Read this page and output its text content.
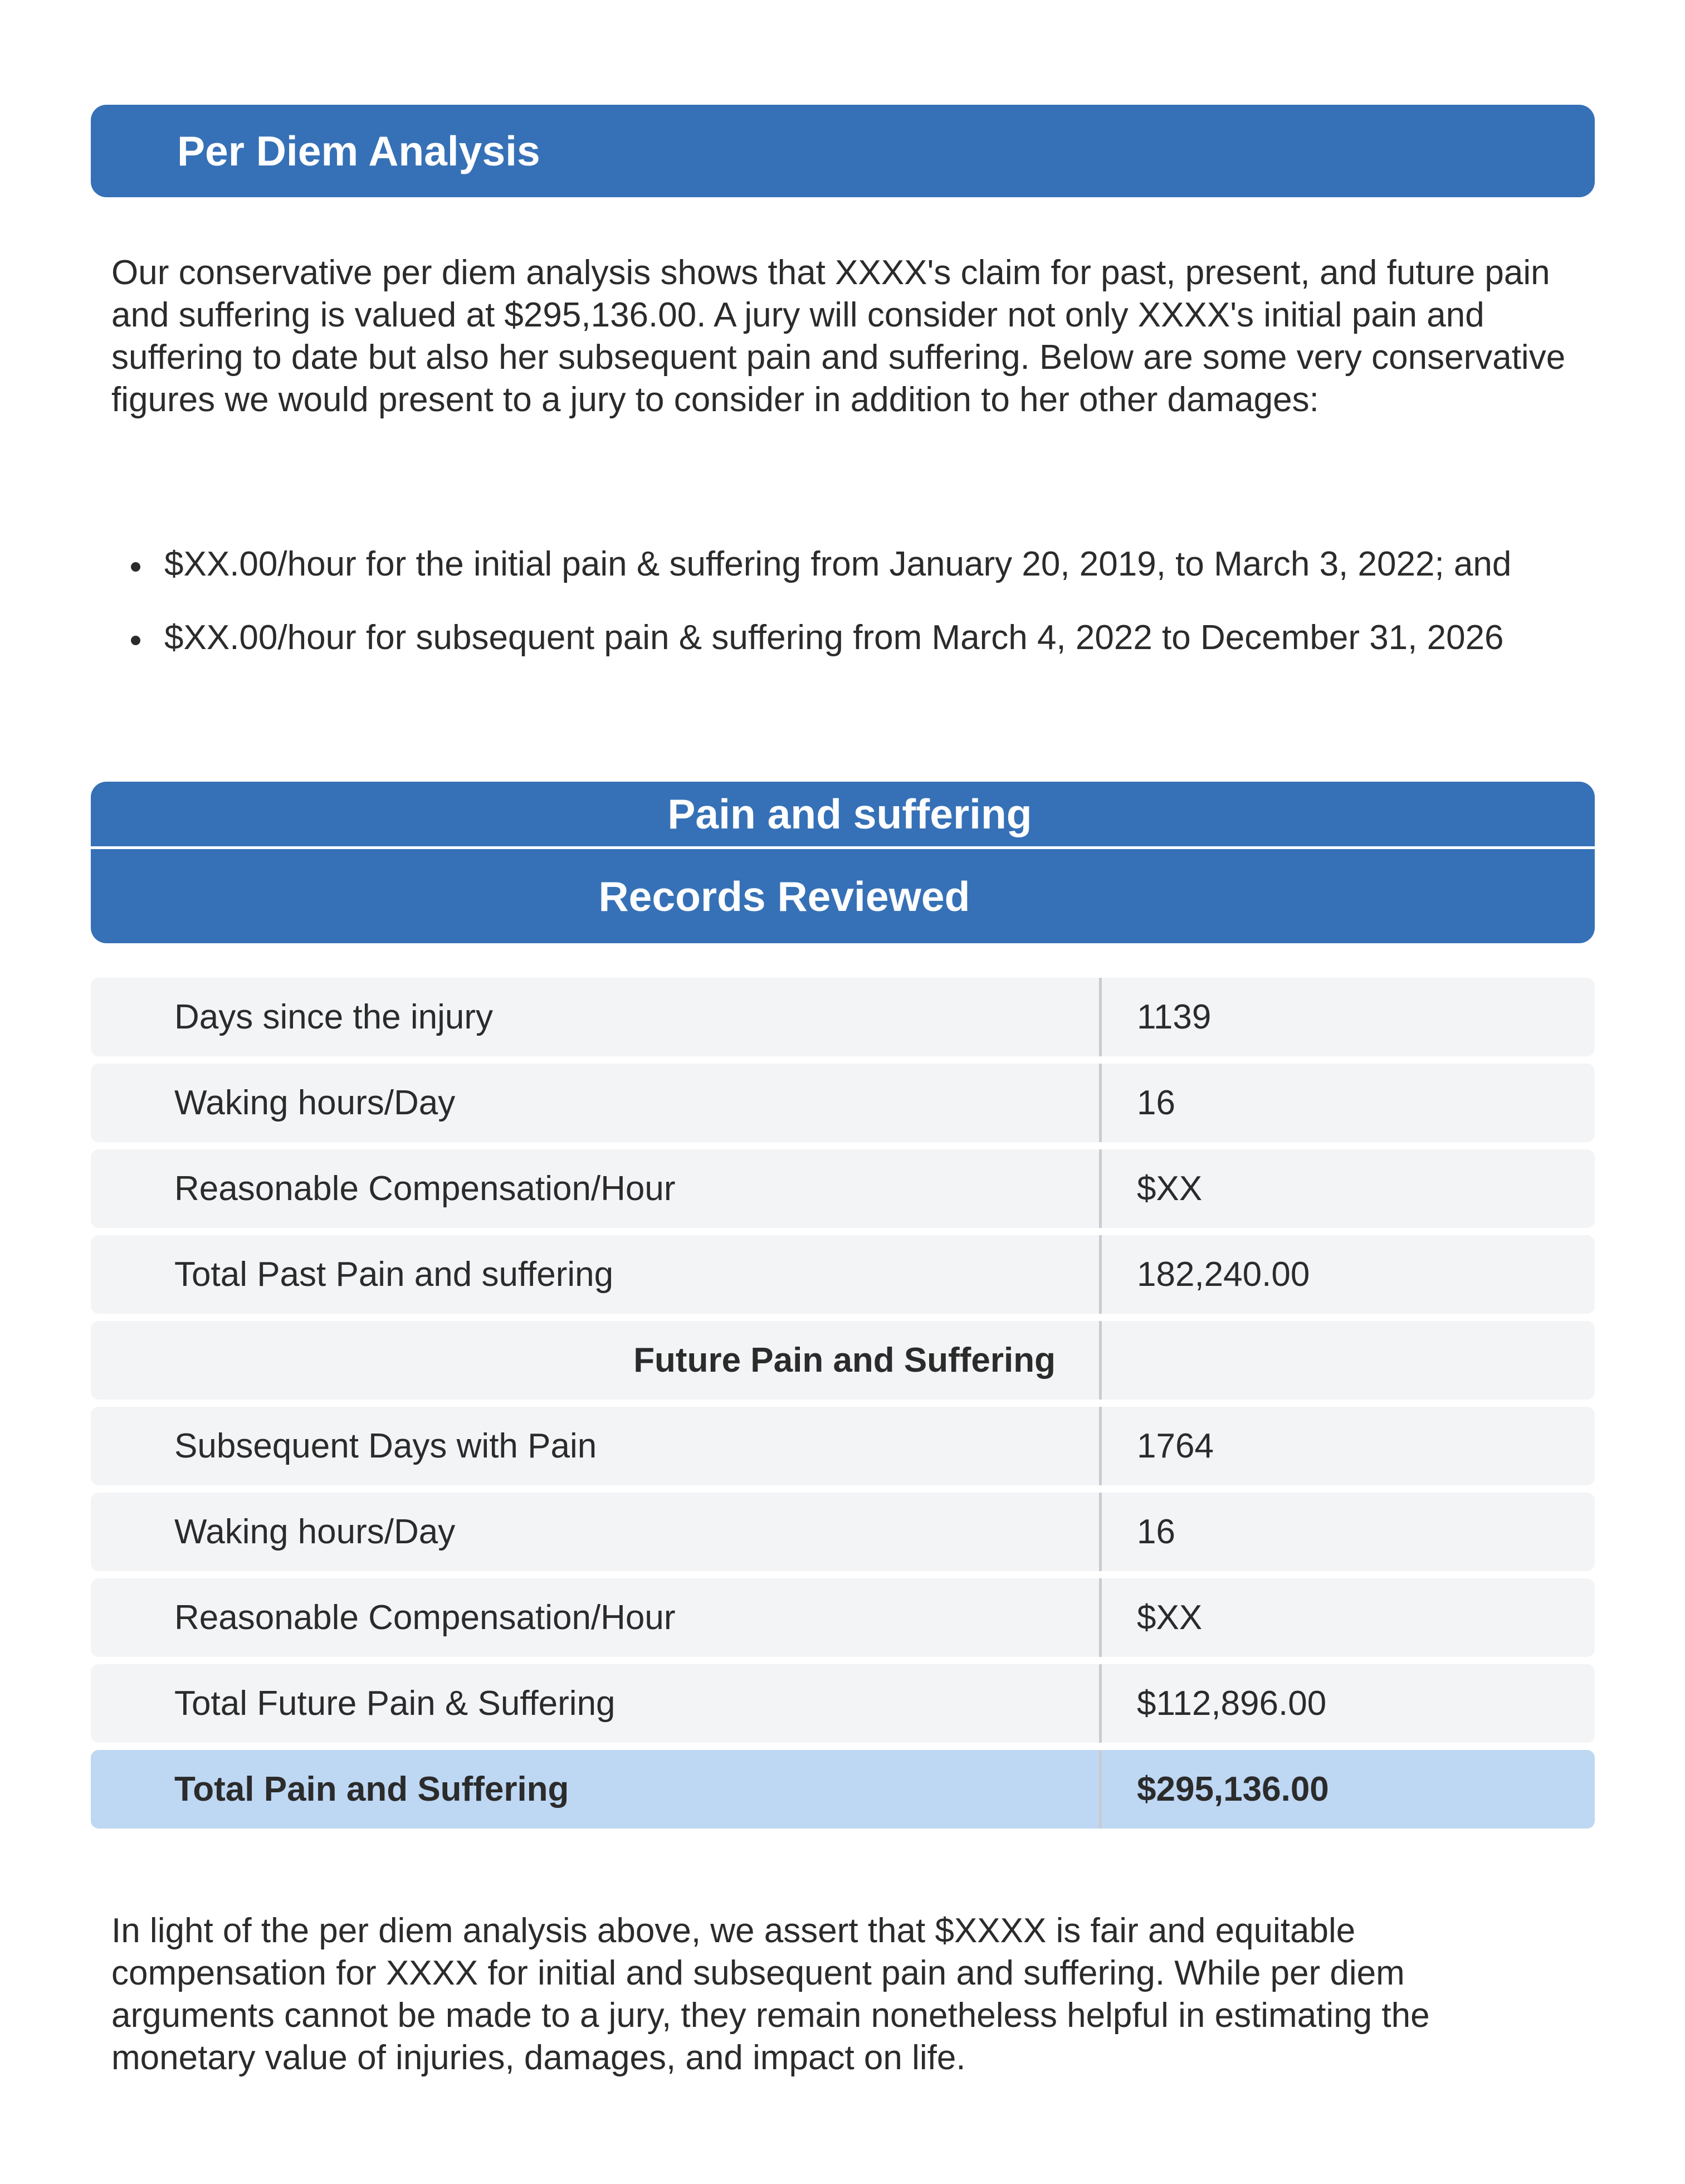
Per Diem Analysis

Our conservative per diem analysis shows that XXXX's claim for past, present, and future pain and suffering is valued at $295,136.00. A jury will consider not only XXXX's initial pain and suffering to date but also her subsequent pain and suffering. Below are some very conservative figures we would present to a jury to consider in addition to her other damages:

$XX.00/hour for the initial pain & suffering from January 20, 2019, to March 3, 2022; and
$XX.00/hour for subsequent pain & suffering from March 4, 2022 to December 31, 2026
Pain and suffering
Records Reviewed
Days since the injury	1139
Waking hours/Day	16
Reasonable Compensation/Hour	$XX
Total Past Pain and suffering	182,240.00
Future Pain and Suffering
Subsequent Days with Pain	1764
Waking hours/Day	16
Reasonable Compensation/Hour	$XX
Total Future Pain & Suffering	$112,896.00
Total Pain and Suffering	$295,136.00

In light of the per diem analysis above, we assert that $XXXX is fair and equitable compensation for XXXX for initial and subsequent pain and suffering. While per diem arguments cannot be made to a jury, they remain nonetheless helpful in estimating the monetary value of injuries, damages, and impact on life.
